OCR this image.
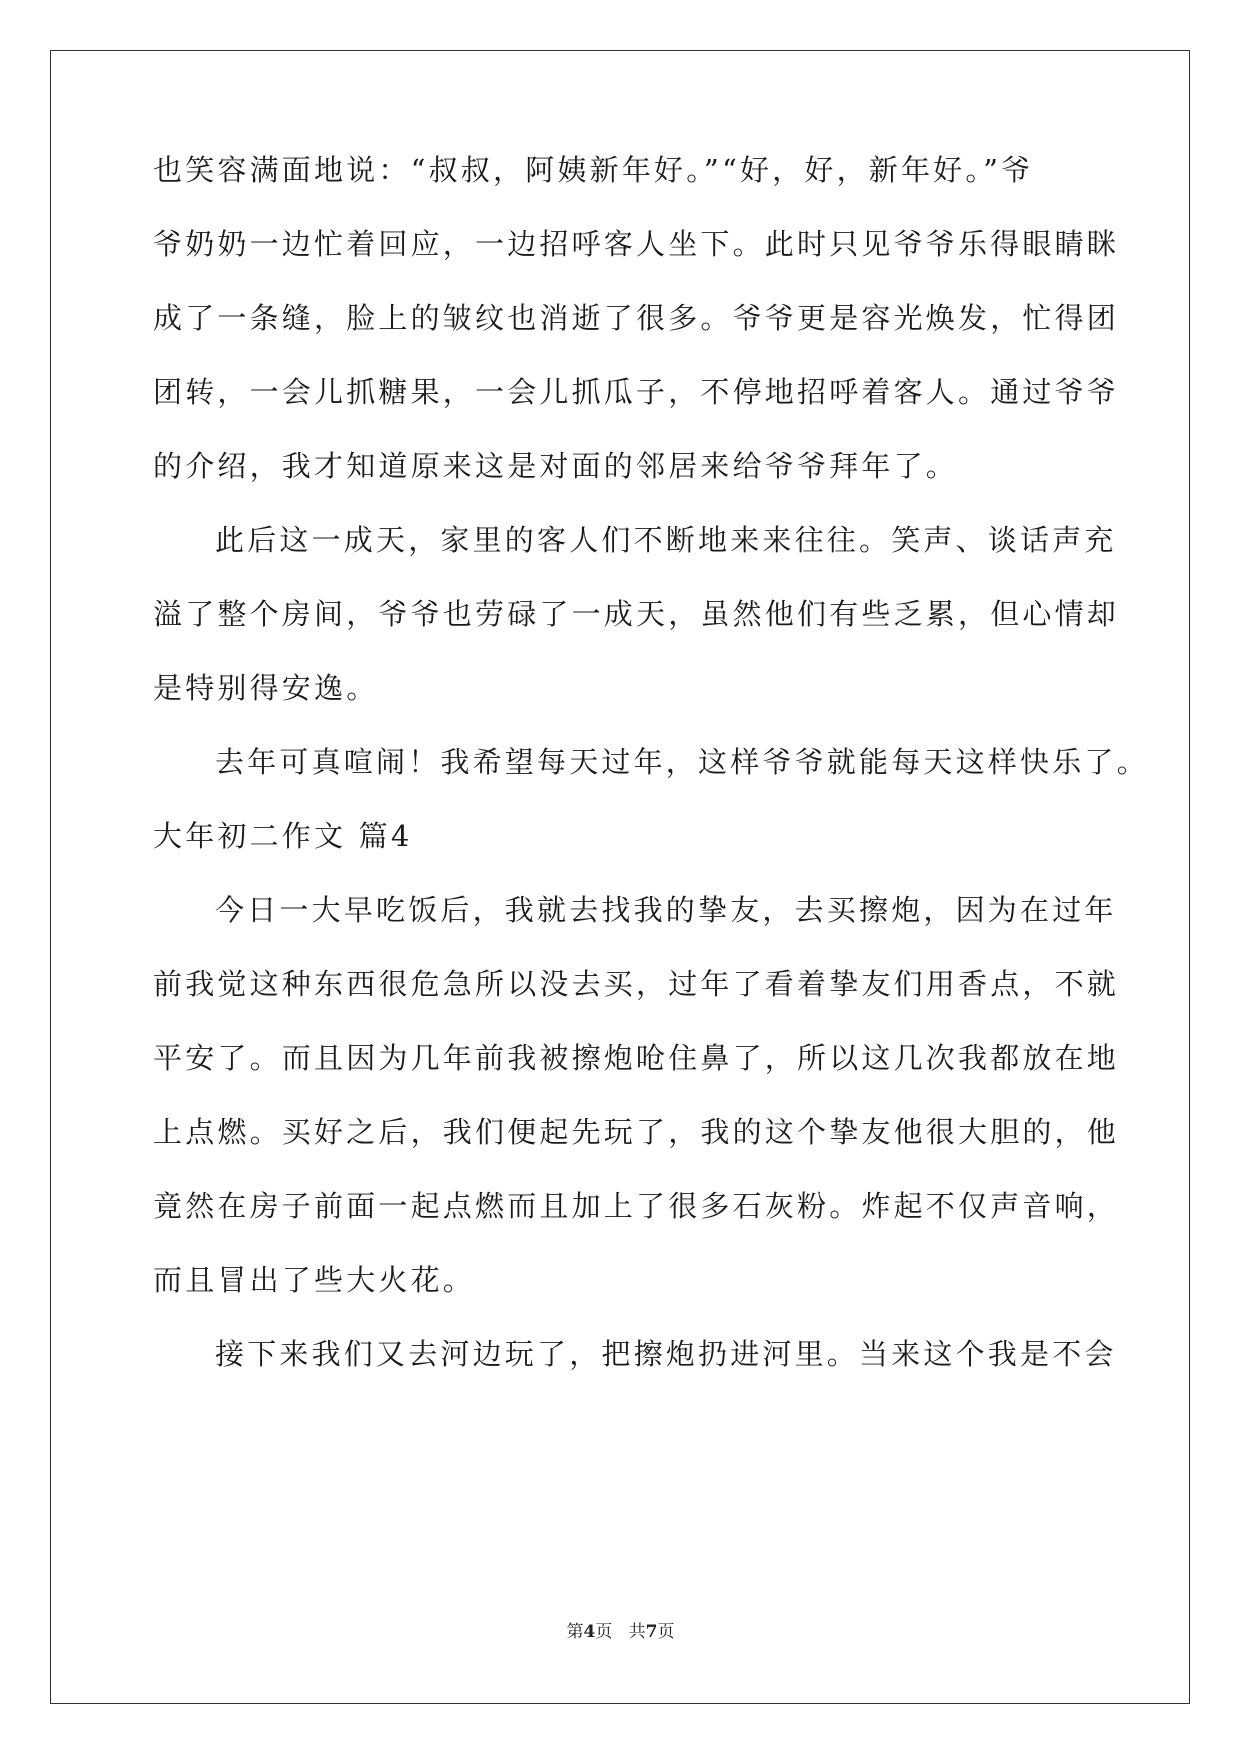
也笑容满面地说：“叔叔，阿姨新年好。”“好，好，新年好。”爷
爷奶奶一边忙着回应，一边招呼客人坐下。此时只见爷爷乐得眼睛眯
成了一条缝，脸上的皱纹也消逝了很多。爷爷更是容光焕发，忙得团
团转，一会儿抓糖果，一会儿抓瓜子，不停地招呼着客人。通过爷爷
的介绍，我才知道原来这是对面的邻居来给爷爷拜年了。
此后这一成天，家里的客人们不断地来来往往。笑声、谈话声充
溢了整个房间，爷爷也劳碌了一成天，虽然他们有些乏累，但心情却
是特别得安逸。
去年可真喧闹！我希望每天过年，这样爷爷就能每天这样快乐了。
大年初二作文 篇4
今日一大早吃饭后，我就去找我的挚友，去买擦炮，因为在过年
前我觉这种东西很危急所以没去买，过年了看着挚友们用香点，不就
平安了。而且因为几年前我被擦炮呛住鼻了，所以这几次我都放在地
上点燃。买好之后，我们便起先玩了，我的这个挚友他很大胆的，他
竟然在房子前面一起点燃而且加上了很多石灰粉。炸起不仅声音响，
而且冒出了些大火花。
接下来我们又去河边玩了，把擦炮扔进河里。当来这个我是不会
第4页   共7页
